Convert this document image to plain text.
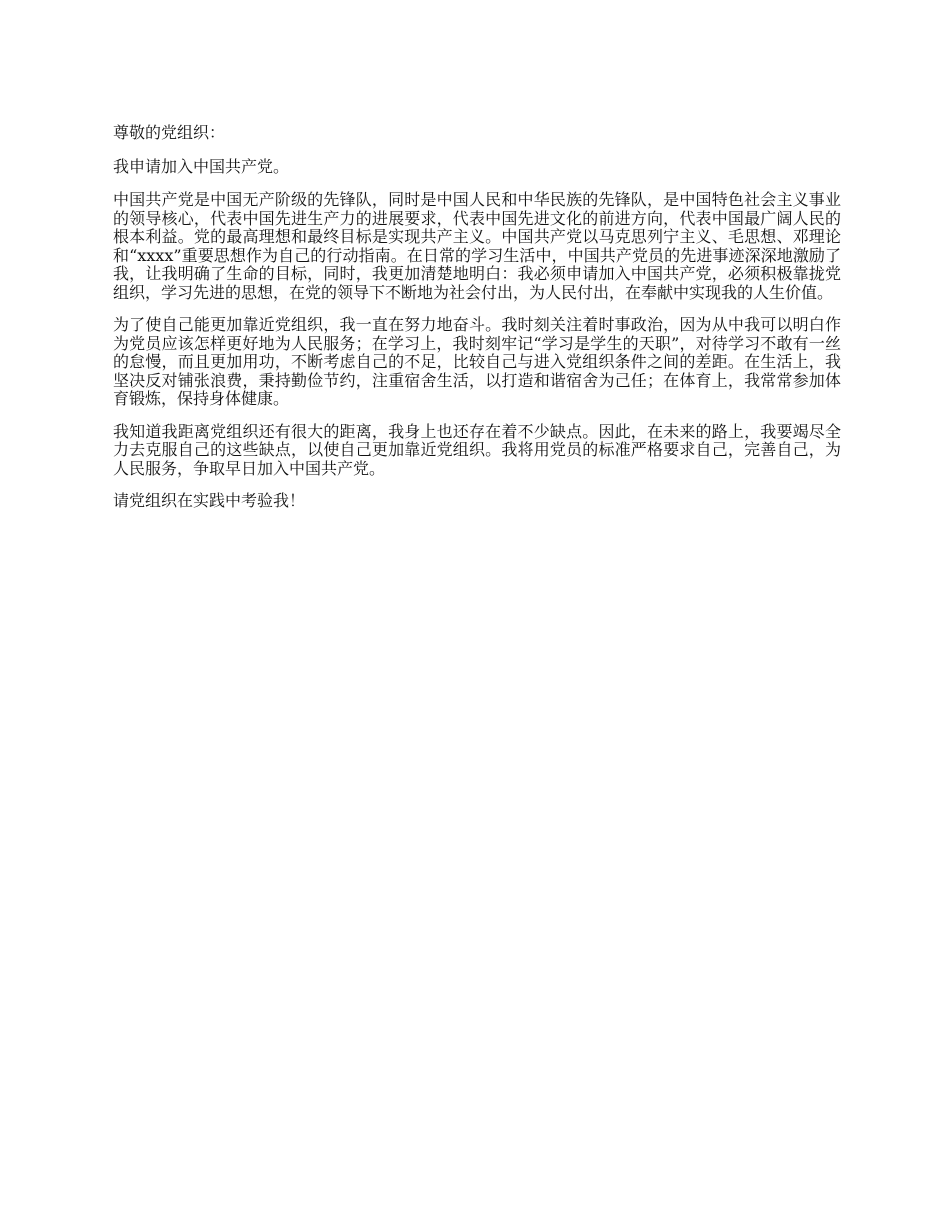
尊敬的党组织：

我申请加入中国共产党。

中国共产党是中国无产阶级的先锋队，同时是中国人民和中华民族的先锋队，是中国特色社会主义事业的领导核心，代表中国先进生产力的进展要求，代表中国先进文化的前进方向，代表中国最广阔人民的根本利益。党的最高理想和最终目标是实现共产主义。中国共产党以马克思列宁主义、毛思想、邓理论和“xxxx”重要思想作为自己的行动指南。在日常的学习生活中，中国共产党员的先进事迹深深地激励了我，让我明确了生命的目标，同时，我更加清楚地明白：我必须申请加入中国共产党，必须积极靠拢党组织，学习先进的思想，在党的领导下不断地为社会付出，为人民付出，在奉献中实现我的人生价值。

为了使自己能更加靠近党组织，我一直在努力地奋斗。我时刻关注着时事政治，因为从中我可以明白作为党员应该怎样更好地为人民服务；在学习上，我时刻牢记“学习是学生的天职”，对待学习不敢有一丝的怠慢，而且更加用功，不断考虑自己的不足，比较自己与进入党组织条件之间的差距。在生活上，我坚决反对铺张浪费，秉持勤俭节约，注重宿舍生活，以打造和谐宿舍为己任；在体育上，我常常参加体育锻炼，保持身体健康。

我知道我距离党组织还有很大的距离，我身上也还存在着不少缺点。因此，在未来的路上，我要竭尽全力去克服自己的这些缺点，以使自己更加靠近党组织。我将用党员的标准严格要求自己，完善自己，为人民服务，争取早日加入中国共产党。

请党组织在实践中考验我！
